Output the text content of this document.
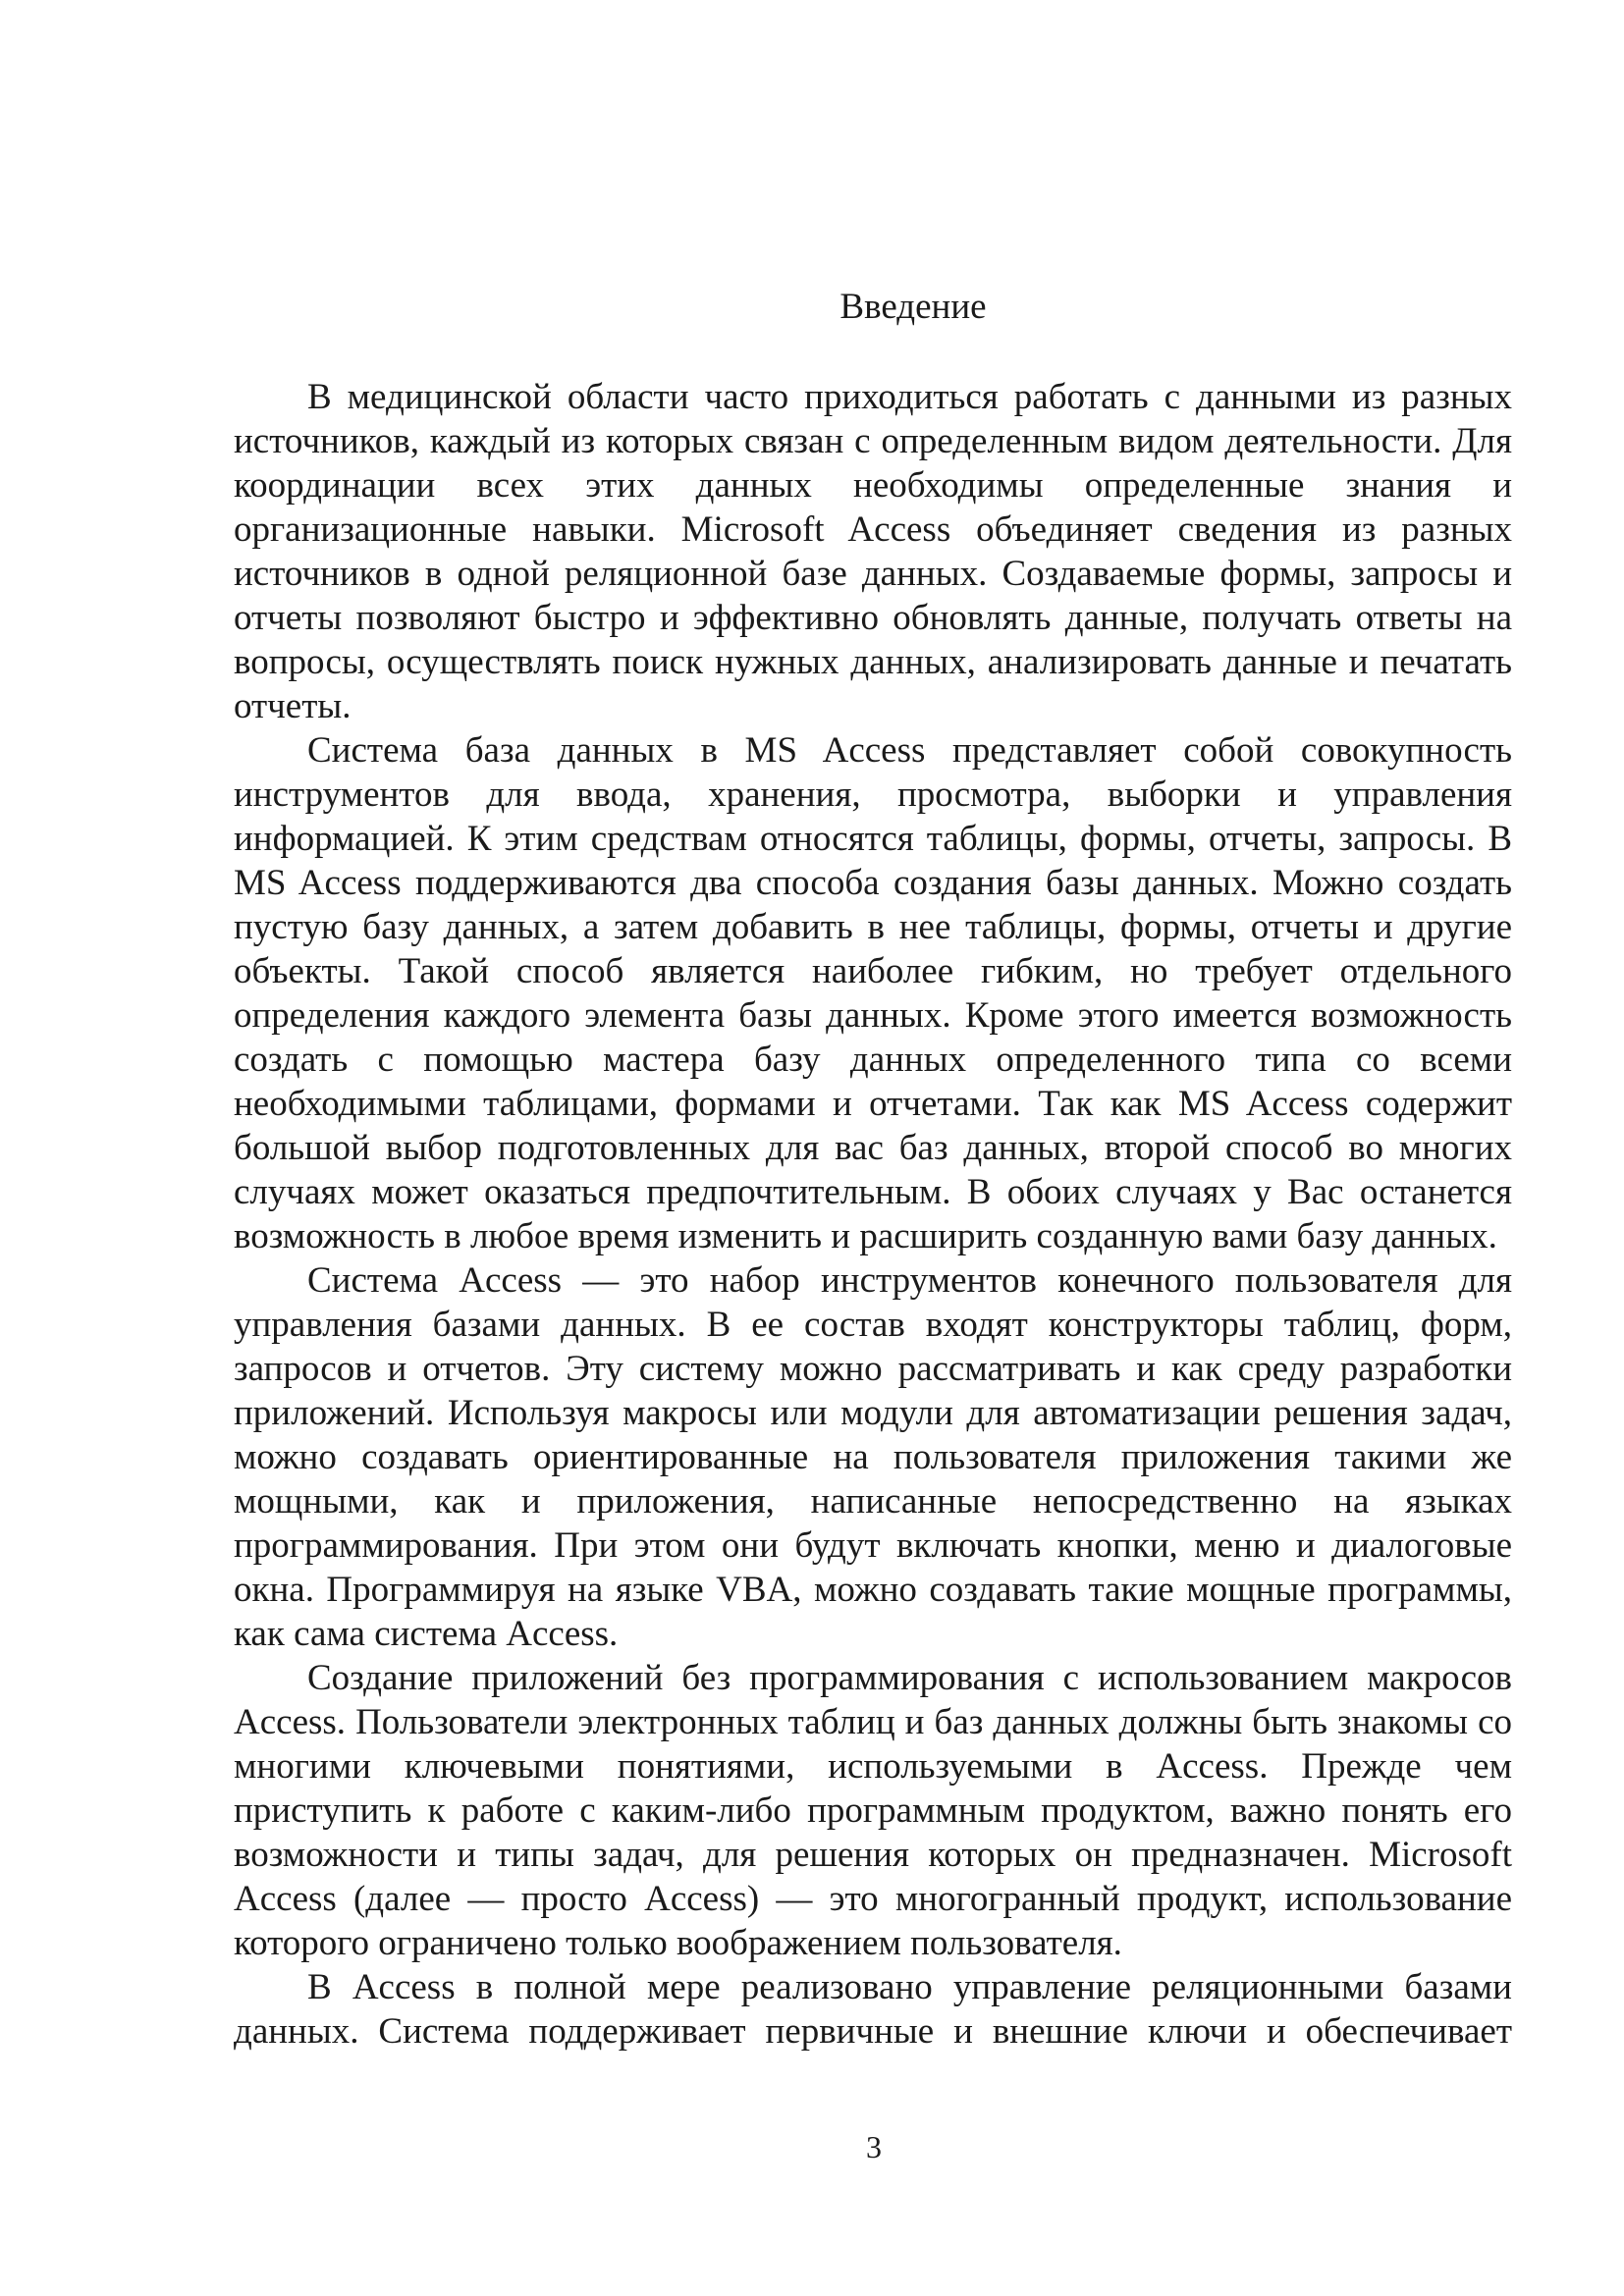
Введение

В медицинской области часто приходиться работать с данными из разных источников, каждый из которых связан с определенным видом деятельности. Для координации всех этих данных необходимы определенные знания и организационные навыки. Microsoft Access объединяет сведения из разных источников в одной реляционной базе данных. Создаваемые формы, запросы и отчеты позволяют быстро и эффективно обновлять данные, получать ответы на вопросы, осуществлять поиск нужных данных, анализировать данные и печатать отчеты.

Система база данных в MS Access представляет собой совокупность инструментов для ввода, хранения, просмотра, выборки и управления информацией. К этим средствам относятся таблицы, формы, отчеты, запросы. В MS Access поддерживаются два способа создания базы данных. Можно создать пустую базу данных, а затем добавить в нее таблицы, формы, отчеты и другие объекты. Такой способ является наиболее гибким, но требует отдельного определения каждого элемента базы данных. Кроме этого имеется возможность создать с помощью мастера базу данных определенного типа со всеми необходимыми таблицами, формами и отчетами. Так как MS Access содержит большой выбор подготовленных для вас баз данных, второй способ во многих случаях может оказаться предпочтительным. В обоих случаях у Вас останется возможность в любое время изменить и расширить созданную вами базу данных.

Система Access — это набор инструментов конечного пользователя для управления базами данных. В ее состав входят конструкторы таблиц, форм, запросов и отчетов. Эту систему можно рассматривать и как среду разработки приложений. Используя макросы или модули для автоматизации решения задач, можно создавать ориентированные на пользователя приложения такими же мощными, как и приложения, написанные непосредственно на языках программирования. При этом они будут включать кнопки, меню и диалоговые окна. Программируя на языке VBA, можно создавать такие мощные программы, как сама система Access.

Создание приложений без программирования с использованием макросов Access. Пользователи электронных таблиц и баз данных должны быть знакомы со многими ключевыми понятиями, используемыми в Access. Прежде чем приступить к работе с каким-либо программным продуктом, важно понять его возможности и типы задач, для решения которых он предназначен. Microsoft Access (далее — просто Access) — это многогранный продукт, использование которого ограничено только воображением пользователя.

В Access в полной мере реализовано управление реляционными базами данных. Система поддерживает первичные и внешние ключи и обеспечивает

3
